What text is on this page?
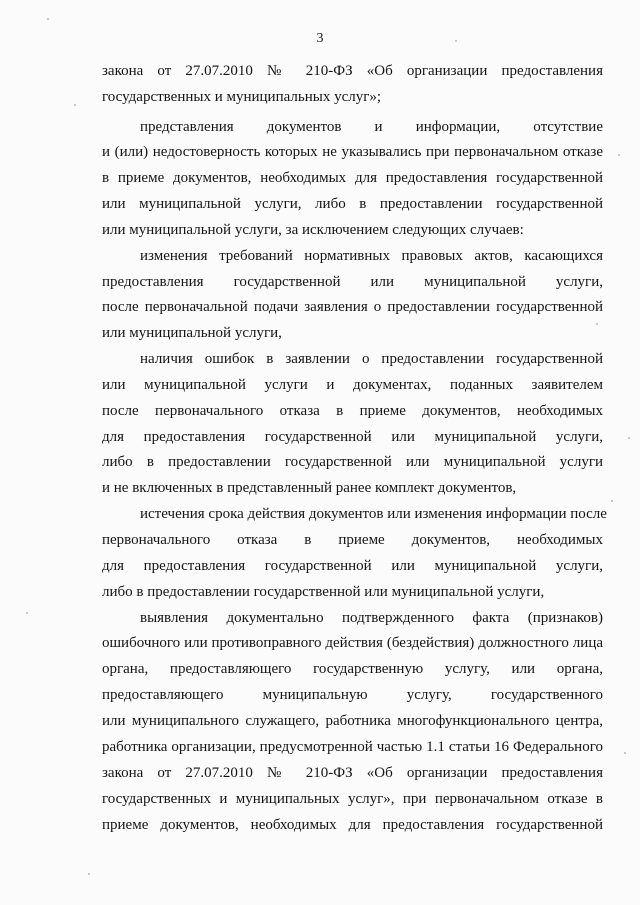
3
закона от 27.07.2010 № 210-ФЗ «Об организации предоставления
государственных и муниципальных услуг»;
представления документов и информации, отсутствие
и (или) недостоверность которых не указывались при первоначальном отказе
в приеме документов, необходимых для предоставления государственной
или муниципальной услуги, либо в предоставлении государственной
или муниципальной услуги, за исключением следующих случаев:
изменения требований нормативных правовых актов, касающихся
предоставления государственной или муниципальной услуги,
после первоначальной подачи заявления о предоставлении государственной
или муниципальной услуги,
наличия ошибок в заявлении о предоставлении государственной
или муниципальной услуги и документах, поданных заявителем
после первоначального отказа в приеме документов, необходимых
для предоставления государственной или муниципальной услуги,
либо в предоставлении государственной или муниципальной услуги
и не включенных в представленный ранее комплект документов,
истечения срока действия документов или изменения информации после
первоначального отказа в приеме документов, необходимых
для предоставления государственной или муниципальной услуги,
либо в предоставлении государственной или муниципальной услуги,
выявления документально подтвержденного факта (признаков)
ошибочного или противоправного действия (бездействия) должностного лица
органа, предоставляющего государственную услугу, или органа,
предоставляющего муниципальную услугу, государственного
или муниципального служащего, работника многофункционального центра,
работника организации, предусмотренной частью 1.1 статьи 16 Федерального
закона от 27.07.2010 № 210-ФЗ «Об организации предоставления
государственных и муниципальных услуг», при первоначальном отказе в
приеме документов, необходимых для предоставления государственной
